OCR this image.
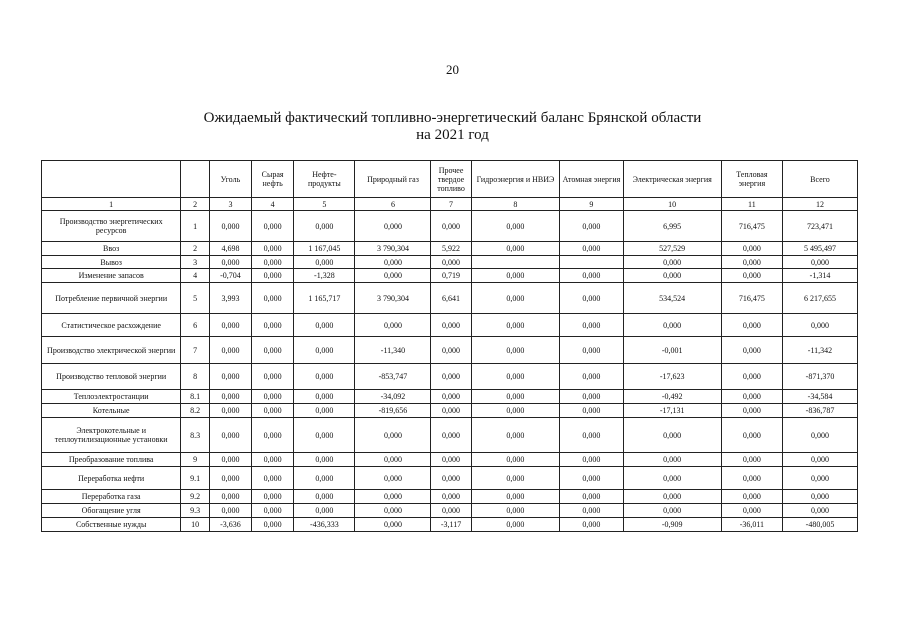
20
Ожидаемый фактический топливно-энергетический баланс Брянской области
на 2021 год
		Уголь	Сырая нефть	Нефте- продукты	Природный газ	Прочее твердое топливо	Гидроэнергия и НВИЭ	Атомная энергия	Электрическая энергия	Тепловая энергия	Всего
1	2	3	4	5	6	7	8	9	10	11	12
Производство энергетических ресурсов	1	0,000	0,000	0,000	0,000	0,000	0,000	0,000	6,995	716,475	723,471
Ввоз	2	4,698	0,000	1 167,045	3 790,304	5,922	0,000	0,000	527,529	0,000	5 495,497
Вывоз	3	0,000	0,000	0,000	0,000	0,000			0,000	0,000	0,000
Изменение запасов	4	-0,704	0,000	-1,328	0,000	0,719	0,000	0,000	0,000	0,000	-1,314
Потребление первичной энергии	5	3,993	0,000	1 165,717	3 790,304	6,641	0,000	0,000	534,524	716,475	6 217,655
Статистическое расхождение	6	0,000	0,000	0,000	0,000	0,000	0,000	0,000	0,000	0,000	0,000
Производство электрической энергии	7	0,000	0,000	0,000	-11,340	0,000	0,000	0,000	-0,001	0,000	-11,342
Производство тепловой энергии	8	0,000	0,000	0,000	-853,747	0,000	0,000	0,000	-17,623	0,000	-871,370
Теплоэлектростанции	8.1	0,000	0,000	0,000	-34,092	0,000	0,000	0,000	-0,492	0,000	-34,584
Котельные	8.2	0,000	0,000	0,000	-819,656	0,000	0,000	0,000	-17,131	0,000	-836,787
Электрокотельные и теплоутилизационные установки	8.3	0,000	0,000	0,000	0,000	0,000	0,000	0,000	0,000	0,000	0,000
Преобразование топлива	9	0,000	0,000	0,000	0,000	0,000	0,000	0,000	0,000	0,000	0,000
Переработка нефти	9.1	0,000	0,000	0,000	0,000	0,000	0,000	0,000	0,000	0,000	0,000
Переработка газа	9.2	0,000	0,000	0,000	0,000	0,000	0,000	0,000	0,000	0,000	0,000
Обогащение угля	9.3	0,000	0,000	0,000	0,000	0,000	0,000	0,000	0,000	0,000	0,000
Собственные нужды	10	-3,636	0,000	-436,333	0,000	-3,117	0,000	0,000	-0,909	-36,011	-480,005
